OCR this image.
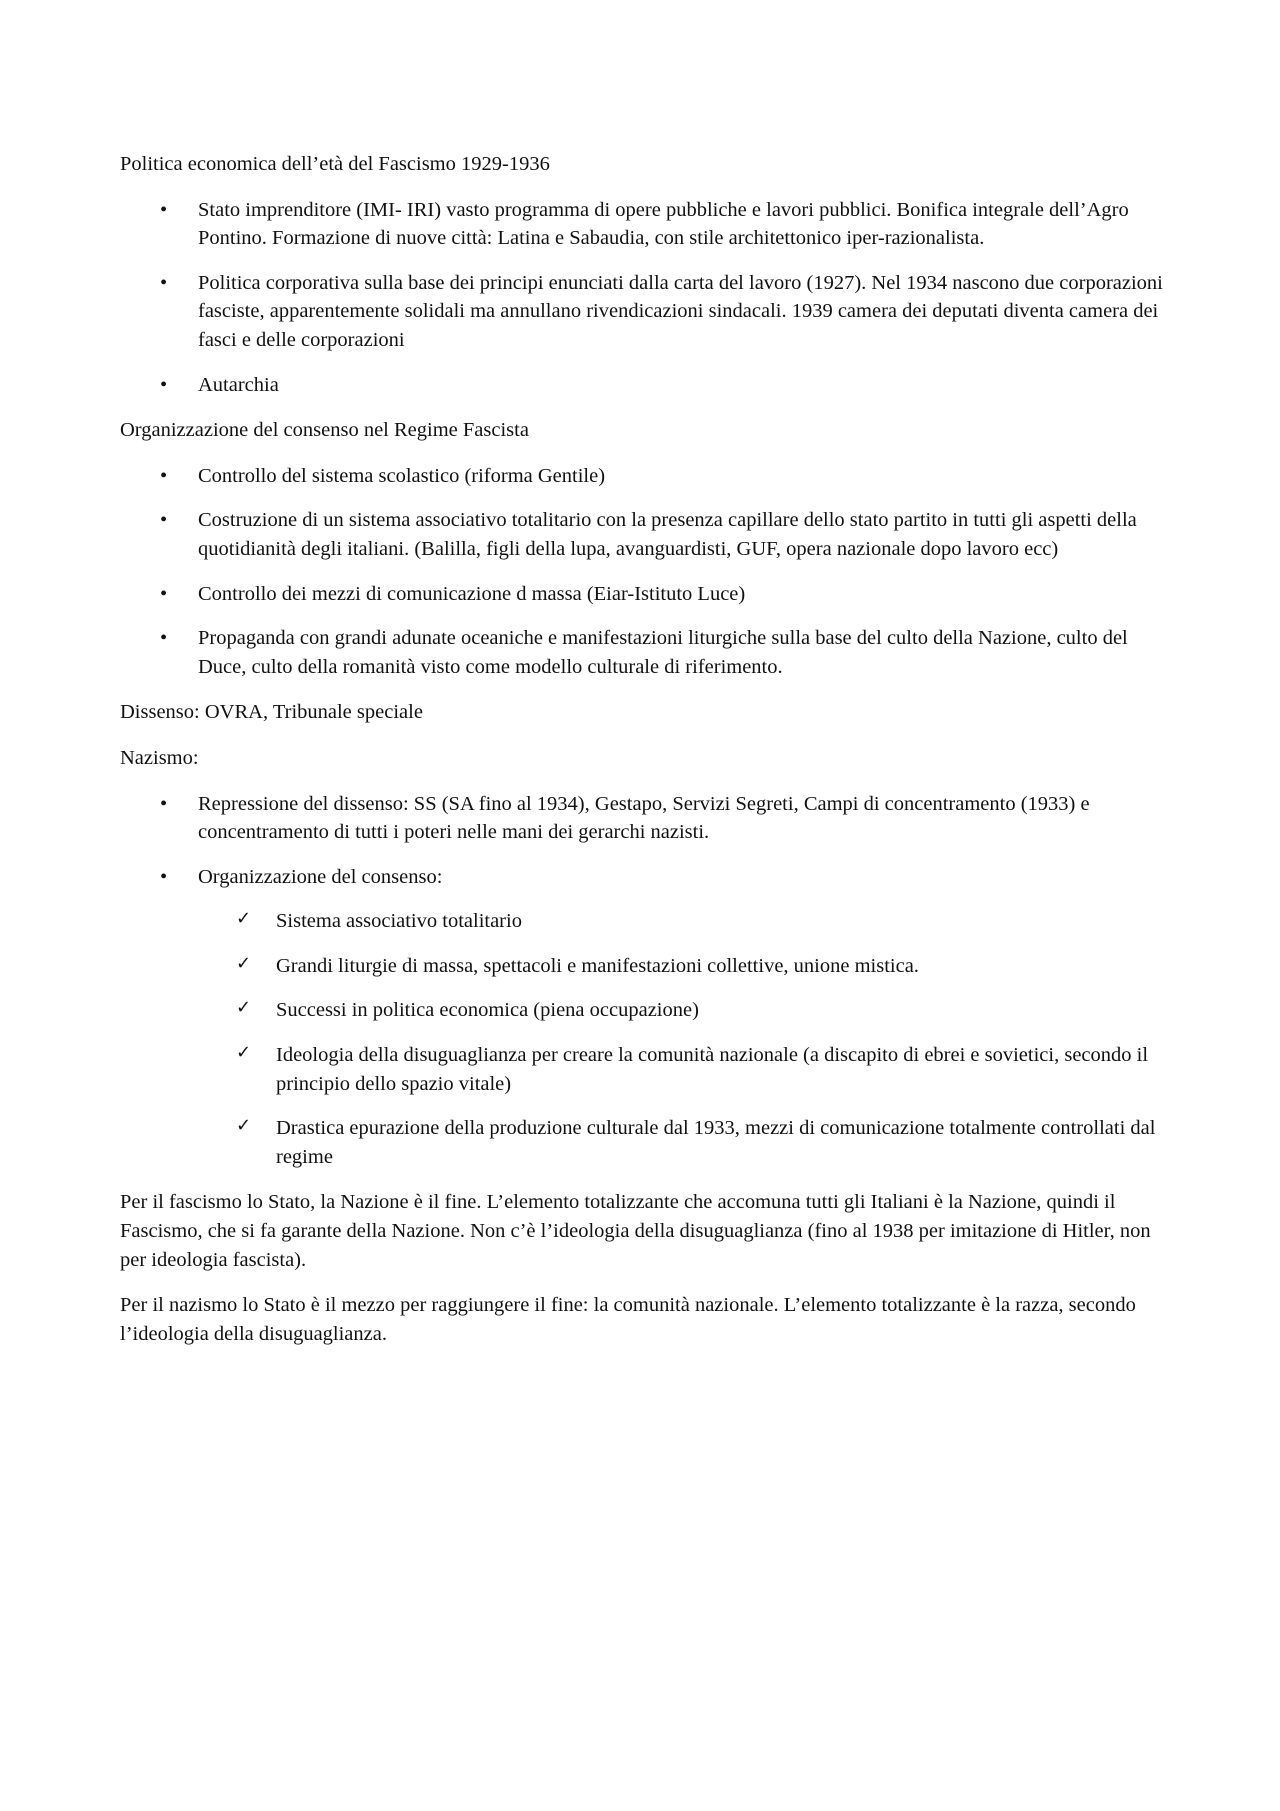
Politica economica dell’età del Fascismo 1929-1936

•	Stato imprenditore (IMI- IRI) vasto programma di opere pubbliche e lavori pubblici. Bonifica integrale dell’Agro Pontino. Formazione di nuove città: Latina e Sabaudia, con stile architettonico iper-razionalista.
•	Politica corporativa sulla base dei principi enunciati dalla carta del lavoro (1927). Nel 1934 nascono due corporazioni fasciste, apparentemente solidali ma annullano rivendicazioni sindacali. 1939 camera dei deputati diventa camera dei fasci e delle corporazioni
•	Autarchia

Organizzazione del consenso nel Regime Fascista

•	Controllo del sistema scolastico (riforma Gentile)
•	Costruzione di un sistema associativo totalitario con la presenza capillare dello stato partito in tutti gli aspetti della quotidianità degli italiani. (Balilla, figli della lupa, avanguardisti, GUF, opera nazionale dopo lavoro ecc)
•	Controllo dei mezzi di comunicazione d massa (Eiar-Istituto Luce)
•	Propaganda con grandi adunate oceaniche e manifestazioni liturgiche sulla base del culto della Nazione, culto del Duce, culto della romanità visto come modello culturale di riferimento.

Dissenso: OVRA, Tribunale speciale

Nazismo:

•	Repressione del dissenso: SS (SA fino al 1934), Gestapo, Servizi Segreti, Campi di concentramento (1933) e concentramento di tutti i poteri nelle mani dei gerarchi nazisti.
•	Organizzazione del consenso:
✓ Sistema associativo totalitario
✓ Grandi liturgie di massa, spettacoli e manifestazioni collettive, unione mistica.
✓ Successi in politica economica (piena occupazione)
✓ Ideologia della disuguaglianza per creare la comunità nazionale (a discapito di ebrei e sovietici, secondo il principio dello spazio vitale)
✓ Drastica epurazione della produzione culturale dal 1933, mezzi di comunicazione totalmente controllati dal regime

Per il fascismo lo Stato, la Nazione è il fine. L’elemento totalizzante che accomuna tutti gli Italiani è la Nazione, quindi il Fascismo, che si fa garante della Nazione. Non c’è l’ideologia della disuguaglianza (fino al 1938 per imitazione di Hitler, non per ideologia fascista).

Per il nazismo lo Stato è il mezzo per raggiungere il fine: la comunità nazionale. L’elemento totalizzante è la razza, secondo l’ideologia della disuguaglianza.
